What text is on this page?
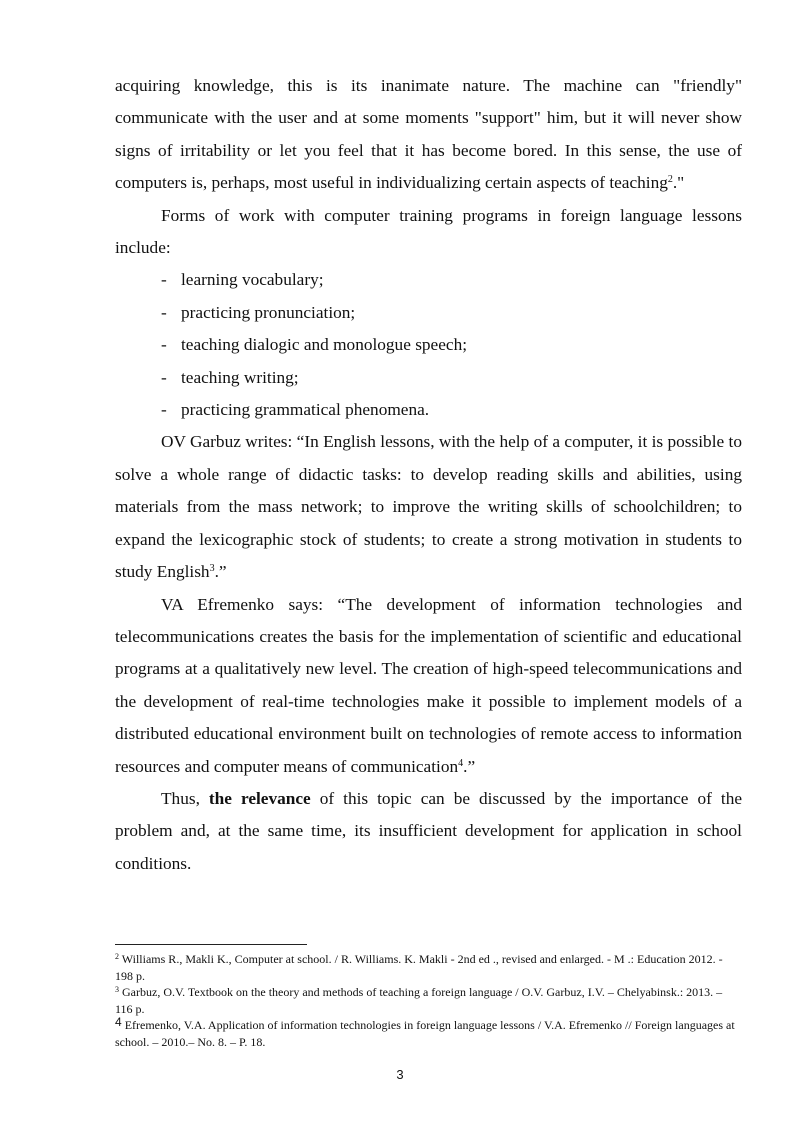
acquiring knowledge, this is its inanimate nature. The machine can "friendly" communicate with the user and at some moments "support" him, but it will never show signs of irritability or let you feel that it has become bored. In this sense, the use of computers is, perhaps, most useful in individualizing certain aspects of teaching$^2$."

Forms of work with computer training programs in foreign language lessons include:

- learning vocabulary;
- practicing pronunciation;
- teaching dialogic and monologue speech;
- teaching writing;
- practicing grammatical phenomena.

OV Garbuz writes: “In English lessons, with the help of a computer, it is possible to solve a whole range of didactic tasks: to develop reading skills and abilities, using materials from the mass network; to improve the writing skills of schoolchildren; to expand the lexicographic stock of students; to create a strong motivation in students to study English$^3$.”

VA Efremenko says: “The development of information technologies and telecommunications creates the basis for the implementation of scientific and educational programs at a qualitatively new level. The creation of high-speed telecommunications and the development of real-time technologies make it possible to implement models of a distributed educational environment built on technologies of remote access to information resources and computer means of communication$^4$.”

Thus, the relevance of this topic can be discussed by the importance of the problem and, at the same time, its insufficient development for application in school conditions.

$^2$ Williams R., Makli K., Computer at school. / R. Williams. K. Makli - 2nd ed ., revised and enlarged. - M .: Education 2012. - 198 p.

$^3$ Garbuz, O.V. Textbook on the theory and methods of teaching a foreign language / O.V. Garbuz, I.V. – Chelyabinsk.: 2013. – 116 p.

4 Efremenko, V.A. Application of information technologies in foreign language lessons / V.A. Efremenko // Foreign languages at school. – 2010.– No. 8. – P. 18.

3
